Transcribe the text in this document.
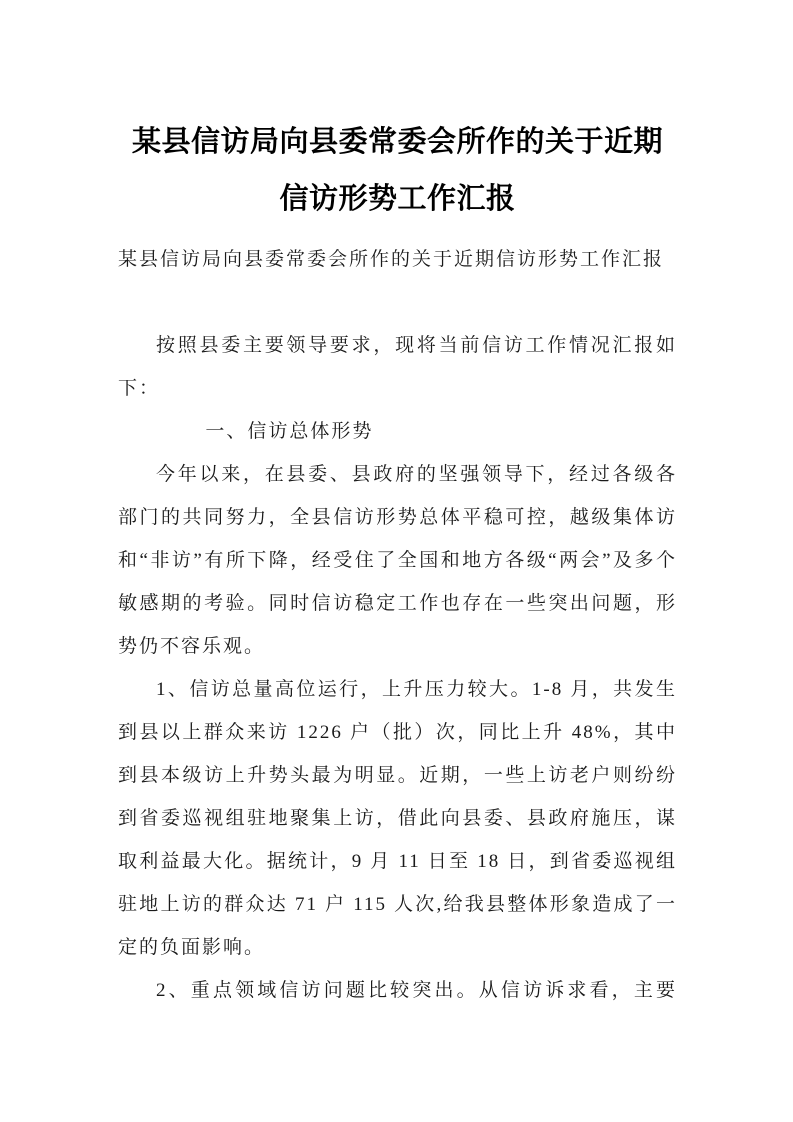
某县信访局向县委常委会所作的关于近期
信访形势工作汇报

某县信访局向县委常委会所作的关于近期信访形势工作汇报

按照县委主要领导要求，现将当前信访工作情况汇报如下：

一、信访总体形势

今年以来，在县委、县政府的坚强领导下，经过各级各部门的共同努力，全县信访形势总体平稳可控，越级集体访和“非访”有所下降，经受住了全国和地方各级“两会”及多个敏感期的考验。同时信访稳定工作也存在一些突出问题，形势仍不容乐观。

1、信访总量高位运行，上升压力较大。1-8 月，共发生到县以上群众来访 1226 户（批）次，同比上升 48%，其中到县本级访上升势头最为明显。近期，一些上访老户则纷纷到省委巡视组驻地聚集上访，借此向县委、县政府施压，谋取利益最大化。据统计，9 月 11 日至 18 日，到省委巡视组驻地上访的群众达 71 户 115 人次,给我县整体形象造成了一定的负面影响。

2、重点领域信访问题比较突出。从信访诉求看，主要
